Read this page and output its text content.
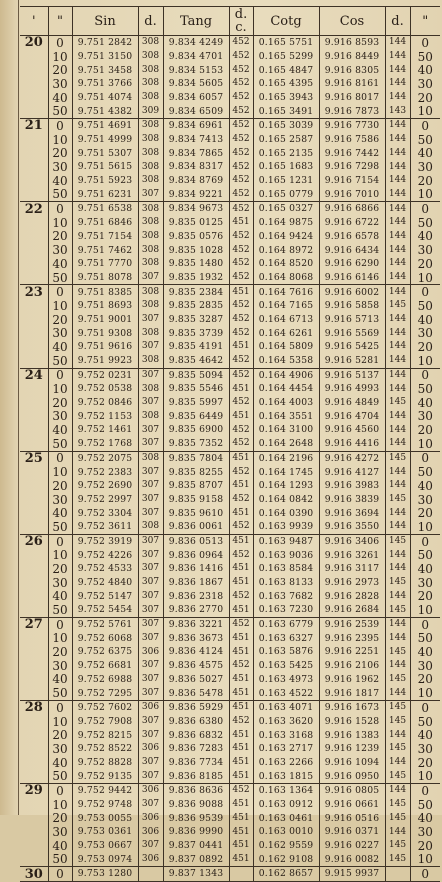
'	"	Sin	d.	Tang	d. c.	Cotg	Cos	d.	"
20	0	9.751 2842	308	9.834 4249	452	0.165 5751	9.916 8593	144	0
	10	9.751 3150	308	9.834 4701	452	0.165 5299	9.916 8449	144	50
	20	9.751 3458	308	9.834 5153	452	0.165 4847	9.916 8305	144	40
	30	9.751 3766	308	9.834 5605	452	0.165 4395	9.916 8161	144	30
	40	9.751 4074	308	9.834 6057	452	0.165 3943	9.916 8017	144	20
	50	9.751 4382	309	9.834 6509	452	0.165 3491	9.916 7873	143	10
21	0	9.751 4691	308	9.834 6961	452	0.165 3039	9.916 7730	144	0
	10	9.751 4999	308	9.834 7413	452	0.165 2587	9.916 7586	144	50
	20	9.751 5307	308	9.834 7865	452	0.165 2135	9.916 7442	144	40
	30	9.751 5615	308	9.834 8317	452	0.165 1683	9.916 7298	144	30
	40	9.751 5923	308	9.834 8769	452	0.165 1231	9.916 7154	144	20
	50	9.751 6231	307	9.834 9221	452	0.165 0779	9.916 7010	144	10
22	0	9.751 6538	308	9.834 9673	452	0.165 0327	9.916 6866	144	0
	10	9.751 6846	308	9.835 0125	451	0.164 9875	9.916 6722	144	50
	20	9.751 7154	308	9.835 0576	452	0.164 9424	9.916 6578	144	40
	30	9.751 7462	308	9.835 1028	452	0.164 8972	9.916 6434	144	30
	40	9.751 7770	308	9.835 1480	452	0.164 8520	9.916 6290	144	20
	50	9.751 8078	307	9.835 1932	452	0.164 8068	9.916 6146	144	10
23	0	9.751 8385	308	9.835 2384	451	0.164 7616	9.916 6002	144	0
	10	9.751 8693	308	9.835 2835	452	0.164 7165	9.916 5858	145	50
	20	9.751 9001	307	9.835 3287	452	0.164 6713	9.916 5713	144	40
	30	9.751 9308	308	9.835 3739	452	0.164 6261	9.916 5569	144	30
	40	9.751 9616	307	9.835 4191	451	0.164 5809	9.916 5425	144	20
	50	9.751 9923	308	9.835 4642	452	0.164 5358	9.916 5281	144	10
24	0	9.752 0231	307	9.835 5094	452	0.164 4906	9.916 5137	144	0
	10	9.752 0538	308	9.835 5546	451	0.164 4454	9.916 4993	144	50
	20	9.752 0846	307	9.835 5997	452	0.164 4003	9.916 4849	145	40
	30	9.752 1153	308	9.835 6449	451	0.164 3551	9.916 4704	144	30
	40	9.752 1461	307	9.835 6900	452	0.164 3100	9.916 4560	144	20
	50	9.752 1768	307	9.835 7352	452	0.164 2648	9.916 4416	144	10
25	0	9.752 2075	308	9.835 7804	451	0.164 2196	9.916 4272	145	0
	10	9.752 2383	307	9.835 8255	452	0.164 1745	9.916 4127	144	50
	20	9.752 2690	307	9.835 8707	451	0.164 1293	9.916 3983	144	40
	30	9.752 2997	307	9.835 9158	452	0.164 0842	9.916 3839	145	30
	40	9.752 3304	307	9.835 9610	451	0.164 0390	9.916 3694	144	20
	50	9.752 3611	308	9.836 0061	452	0.163 9939	9.916 3550	144	10
26	0	9.752 3919	307	9.836 0513	451	0.163 9487	9.916 3406	145	0
	10	9.752 4226	307	9.836 0964	452	0.163 9036	9.916 3261	144	50
	20	9.752 4533	307	9.836 1416	451	0.163 8584	9.916 3117	144	40
	30	9.752 4840	307	9.836 1867	451	0.163 8133	9.916 2973	145	30
	40	9.752 5147	307	9.836 2318	452	0.163 7682	9.916 2828	144	20
	50	9.752 5454	307	9.836 2770	451	0.163 7230	9.916 2684	145	10
27	0	9.752 5761	307	9.836 3221	452	0.163 6779	9.916 2539	144	0
	10	9.752 6068	307	9.836 3673	451	0.163 6327	9.916 2395	144	50
	20	9.752 6375	306	9.836 4124	451	0.163 5876	9.916 2251	145	40
	30	9.752 6681	307	9.836 4575	452	0.163 5425	9.916 2106	144	30
	40	9.752 6988	307	9.836 5027	451	0.163 4973	9.916 1962	145	20
	50	9.752 7295	307	9.836 5478	451	0.163 4522	9.916 1817	144	10
28	0	9.752 7602	306	9.836 5929	451	0.163 4071	9.916 1673	145	0
	10	9.752 7908	307	9.836 6380	452	0.163 3620	9.916 1528	145	50
	20	9.752 8215	307	9.836 6832	451	0.163 3168	9.916 1383	144	40
	30	9.752 8522	306	9.836 7283	451	0.163 2717	9.916 1239	145	30
	40	9.752 8828	307	9.836 7734	451	0.163 2266	9.916 1094	144	20
	50	9.752 9135	307	9.836 8185	451	0.163 1815	9.916 0950	145	10
29	0	9.752 9442	306	9.836 8636	452	0.163 1364	9.916 0805	144	0
	10	9.752 9748	307	9.836 9088	451	0.163 0912	9.916 0661	145	50
	20	9.753 0055	306	9.836 9539	451	0.163 0461	9.916 0516	145	40
	30	9.753 0361	306	9.836 9990	451	0.163 0010	9.916 0371	144	30
	40	9.753 0667	307	9.837 0441	451	0.162 9559	9.916 0227	145	20
	50	9.753 0974	306	9.837 0892	451	0.162 9108	9.916 0082	145	10
30	0	9.753 1280		9.837 1343		0.162 8657	9.915 9937		0
